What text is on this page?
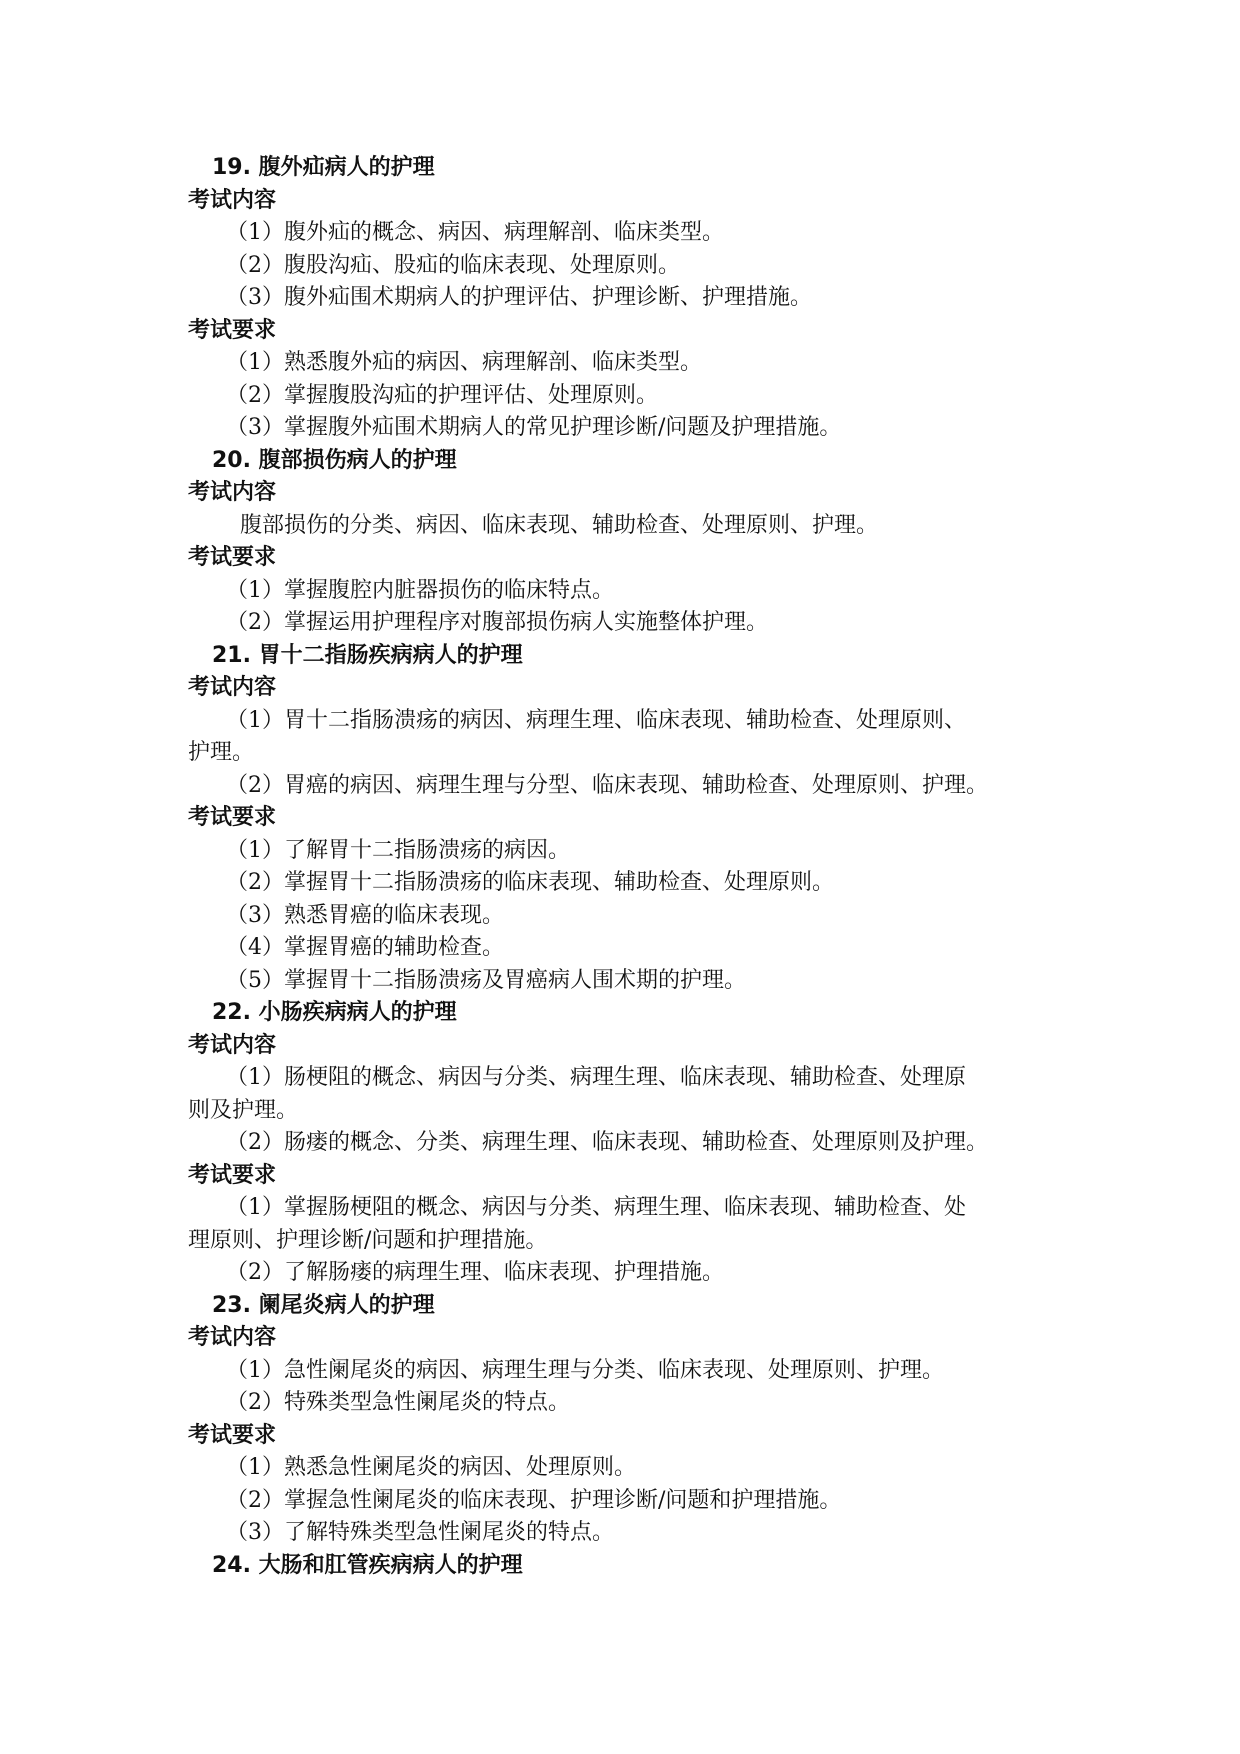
19. 腹外疝病人的护理

考试内容

（1）腹外疝的概念、病因、病理解剖、临床类型。

（2）腹股沟疝、股疝的临床表现、处理原则。

（3）腹外疝围术期病人的护理评估、护理诊断、护理措施。

考试要求

（1）熟悉腹外疝的病因、病理解剖、临床类型。

（2）掌握腹股沟疝的护理评估、处理原则。

（3）掌握腹外疝围术期病人的常见护理诊断/问题及护理措施。

20. 腹部损伤病人的护理

考试内容

腹部损伤的分类、病因、临床表现、辅助检查、处理原则、护理。

考试要求

（1）掌握腹腔内脏器损伤的临床特点。

（2）掌握运用护理程序对腹部损伤病人实施整体护理。

21. 胃十二指肠疾病病人的护理

考试内容

（1）胃十二指肠溃疡的病因、病理生理、临床表现、辅助检查、处理原则、

护理。

（2）胃癌的病因、病理生理与分型、临床表现、辅助检查、处理原则、护理。

考试要求

（1）了解胃十二指肠溃疡的病因。

（2）掌握胃十二指肠溃疡的临床表现、辅助检查、处理原则。

（3）熟悉胃癌的临床表现。

（4）掌握胃癌的辅助检查。

（5）掌握胃十二指肠溃疡及胃癌病人围术期的护理。

22. 小肠疾病病人的护理

考试内容

（1）肠梗阻的概念、病因与分类、病理生理、临床表现、辅助检查、处理原

则及护理。

（2）肠瘘的概念、分类、病理生理、临床表现、辅助检查、处理原则及护理。

考试要求

（1）掌握肠梗阻的概念、病因与分类、病理生理、临床表现、辅助检查、处

理原则、护理诊断/问题和护理措施。

（2）了解肠瘘的病理生理、临床表现、护理措施。

23. 阑尾炎病人的护理

考试内容

（1）急性阑尾炎的病因、病理生理与分类、临床表现、处理原则、护理。

（2）特殊类型急性阑尾炎的特点。

考试要求

（1）熟悉急性阑尾炎的病因、处理原则。

（2）掌握急性阑尾炎的临床表现、护理诊断/问题和护理措施。

（3）了解特殊类型急性阑尾炎的特点。

24. 大肠和肛管疾病病人的护理
